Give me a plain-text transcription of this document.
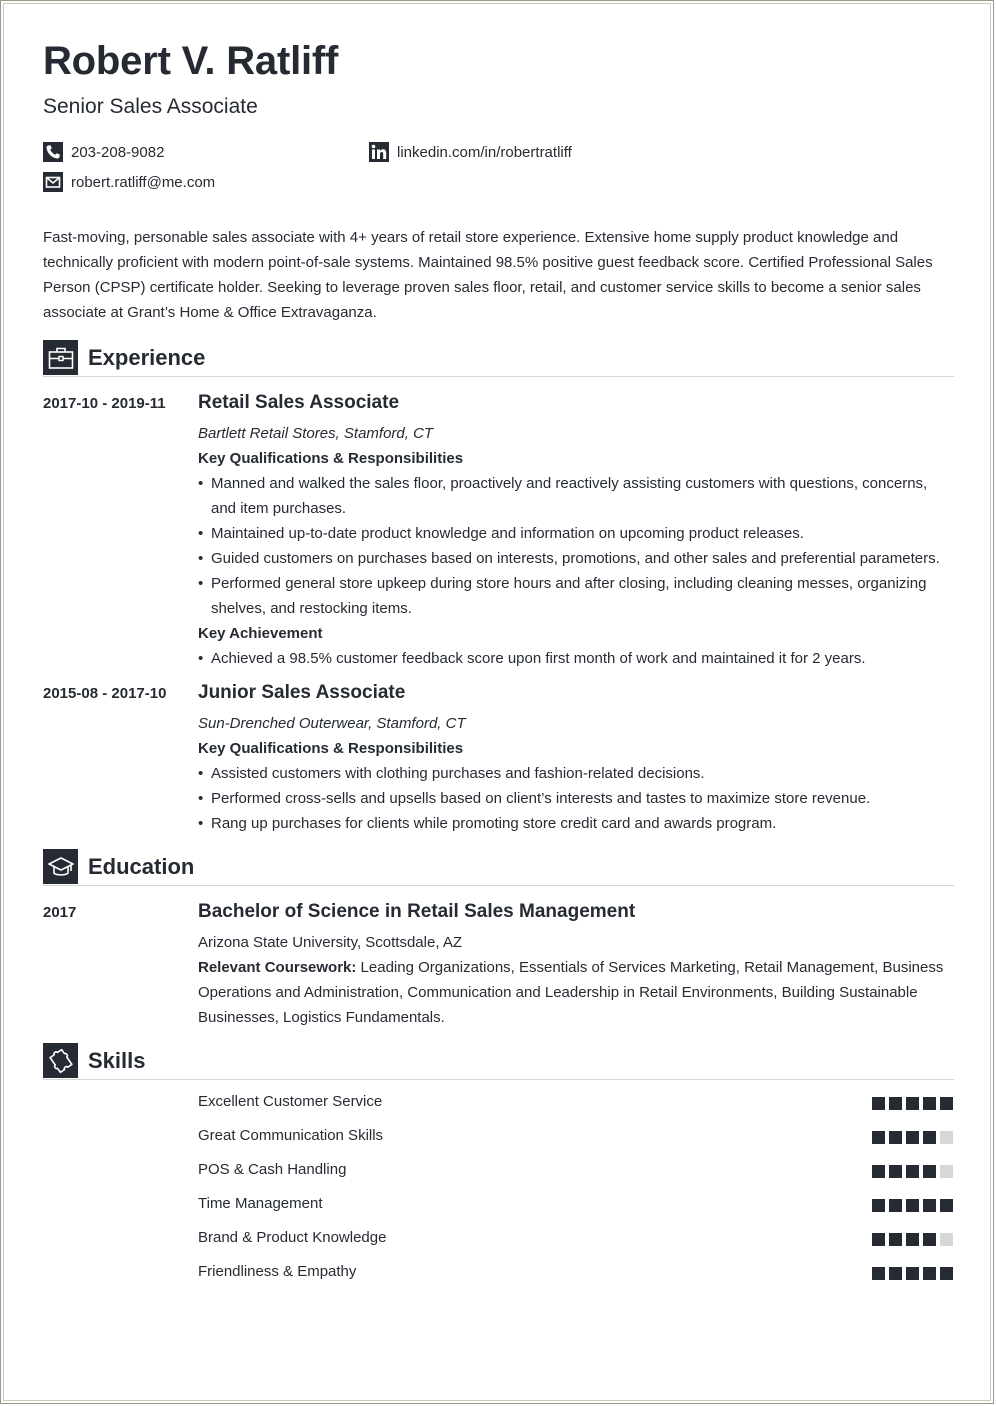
Robert V. Ratliff
Senior Sales Associate
203-208-9082	linkedin.com/in/robertratliff
robert.ratliff@me.com
Fast-moving, personable sales associate with 4+ years of retail store experience. Extensive home supply product knowledge and technically proficient with modern point-of-sale systems. Maintained 98.5% positive guest feedback score. Certified Professional Sales Person (CPSP) certificate holder. Seeking to leverage proven sales floor, retail, and customer service skills to become a senior sales associate at Grant’s Home & Office Extravaganza.
Experience
2017-10 - 2019-11 Retail Sales Associate
Bartlett Retail Stores, Stamford, CT
Key Qualifications & Responsibilities
• Manned and walked the sales floor, proactively and reactively assisting customers with questions, concerns, and item purchases.
• Maintained up-to-date product knowledge and information on upcoming product releases.
• Guided customers on purchases based on interests, promotions, and other sales and preferential parameters.
• Performed general store upkeep during store hours and after closing, including cleaning messes, organizing shelves, and restocking items.
Key Achievement
• Achieved a 98.5% customer feedback score upon first month of work and maintained it for 2 years.
2015-08 - 2017-10 Junior Sales Associate
Sun-Drenched Outerwear, Stamford, CT
Key Qualifications & Responsibilities
• Assisted customers with clothing purchases and fashion-related decisions.
• Performed cross-sells and upsells based on client’s interests and tastes to maximize store revenue.
• Rang up purchases for clients while promoting store credit card and awards program.
Education
2017	Bachelor of Science in Retail Sales Management
Arizona State University, Scottsdale, AZ
Relevant Coursework: Leading Organizations, Essentials of Services Marketing, Retail Management, Business Operations and Administration, Communication and Leadership in Retail Environments, Building Sustainable Businesses, Logistics Fundamentals.
Skills
Excellent Customer Service
Great Communication Skills
POS & Cash Handling
Time Management
Brand & Product Knowledge
Friendliness & Empathy
